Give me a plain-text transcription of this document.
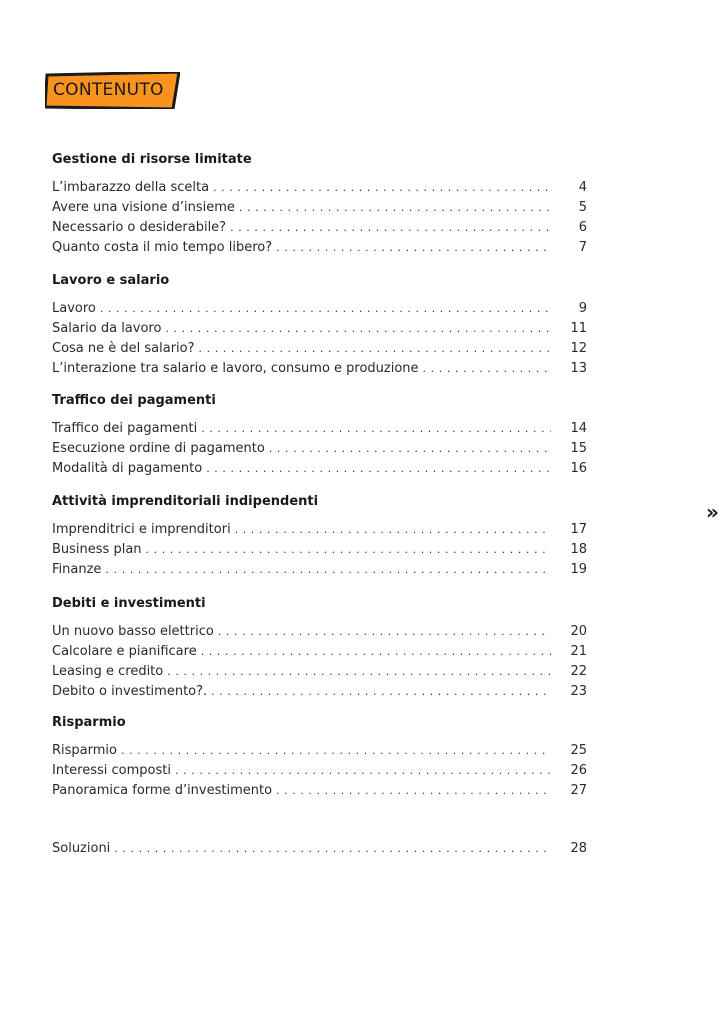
CONTENUTO
Gestione di risorse limitate
L’imbarazzo della scelta . . .	4
Avere una visione d’insieme . . .	5
Necessario o desiderabile? . . .	6
Quanto costa il mio tempo libero? . . .	7
Lavoro e salario
Lavoro . . .	9
Salario da lavoro . . .	11
Cosa ne è del salario? . . .	12
L’interazione tra salario e lavoro, consumo e produzione . . .	13
Traffico dei pagamenti
Traffico dei pagamenti . . .	14
Esecuzione ordine di pagamento . . .	15
Modalità di pagamento . . .	16
Attività imprenditoriali indipendenti
Imprenditrici e imprenditori . . .	17
Business plan . . .	18
Finanze . . .	19
Debiti e investimenti
Un nuovo basso elettrico . . .	20
Calcolare e pianificare . . .	21
Leasing e credito . . .	22
Debito o investimento?. . . .	23
Risparmio
Risparmio . . .	25
Interessi composti . . .	26
Panoramica forme d’investimento . . .	27
Soluzioni . . .	28
»
